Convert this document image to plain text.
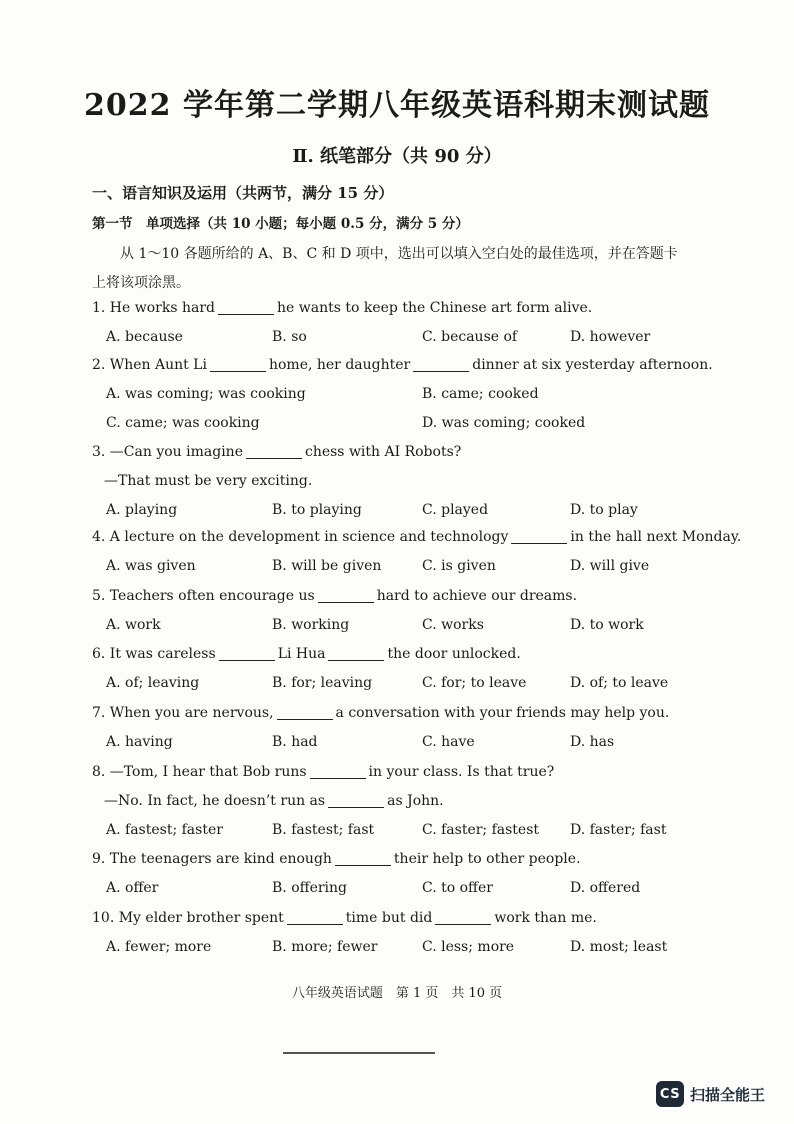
2022 学年第二学期八年级英语科期末测试题
Ⅱ. 纸笔部分（共 90 分）
一、语言知识及运用（共两节，满分 15 分）
第一节　单项选择（共 10 小题；每小题 0.5 分，满分 5 分）

从 1～10 各题所给的 A、B、C 和 D 项中，选出可以填入空白处的最佳选项，并在答题卡上将该项涂黑。

1. He works hard	he wants to keep the Chinese art form alive.
A. because	B. so	C. because of	D. however
2. When Aunt Li	home, her daughter	dinner at six yesterday afternoon.
A. was coming; was cooking	B. came; cooked
C. came; was cooking	D. was coming; cooked
3. —Can you imagine	chess with AI Robots?
—That must be very exciting.
A. playing	B. to playing	C. played	D. to play
4. A lecture on the development in science and technology	in the hall next Monday.
A. was given	B. will be given	C. is given	D. will give
5. Teachers often encourage us	hard to achieve our dreams.
A. work	B. working	C. works	D. to work
6. It was careless	Li Hua	the door unlocked.
A. of; leaving	B. for; leaving	C. for; to leave	D. of; to leave
7. When you are nervous,	a conversation with your friends may help you.
A. having	B. had	C. have	D. has
8. —Tom, I hear that Bob runs	in your class. Is that true?
—No. In fact, he doesn’t run as	as John.
A. fastest; faster	B. fastest; fast	C. faster; fastest D. faster; fast
9. The teenagers are kind enough	their help to other people.
A. offer	B. offering	C. to offer	D. offered
10. My elder brother spent	time but did	work than me.
A. fewer; more	B. more; fewer	C. less; more	D. most; least
八年级英语试题　第 1 页　共 10 页
CS 扫描全能王
